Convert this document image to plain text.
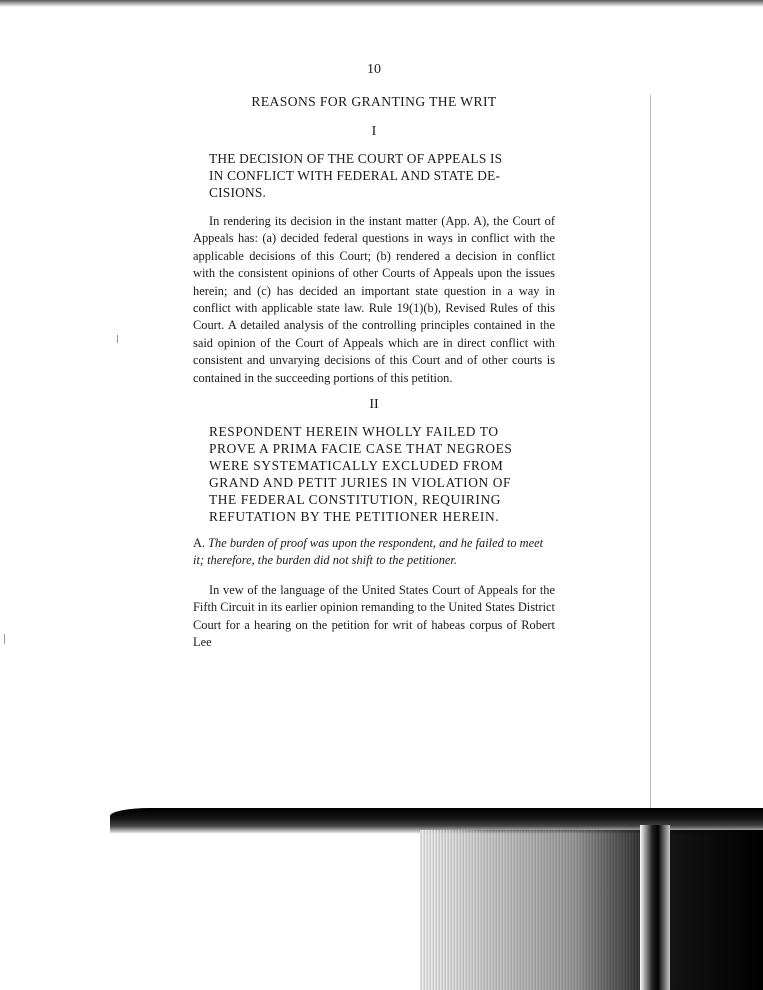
10
REASONS FOR GRANTING THE WRIT
I
THE DECISION OF THE COURT OF APPEALS IS
IN CONFLICT WITH FEDERAL AND STATE DE-
CISIONS.

In rendering its decision in the instant matter (App. A), the Court of Appeals has: (a) decided federal questions in ways in conflict with the applicable decisions of this Court; (b) rendered a decision in conflict with the consistent opinions of other Courts of Appeals upon the issues herein; and (c) has decided an important state question in a way in conflict with applicable state law. Rule 19(1)(b), Revised Rules of this Court. A detailed analysis of the controlling principles contained in the said opinion of the Court of Appeals which are in direct conflict with consistent and unvarying decisions of this Court and of other courts is contained in the succeeding portions of this petition.

II
RESPONDENT HEREIN WHOLLY FAILED TO
PROVE A PRIMA FACIE CASE THAT NEGROES
WERE SYSTEMATICALLY EXCLUDED FROM
GRAND AND PETIT JURIES IN VIOLATION OF
THE FEDERAL CONSTITUTION, REQUIRING
REFUTATION BY THE PETITIONER HEREIN.

A. The burden of proof was upon the respondent, and he failed to meet it; therefore, the burden did not shift to the petitioner.

In vew of the language of the United States Court of Appeals for the Fifth Circuit in its earlier opinion remanding to the United States District Court for a hearing on the petition for writ of habeas corpus of Robert Lee
